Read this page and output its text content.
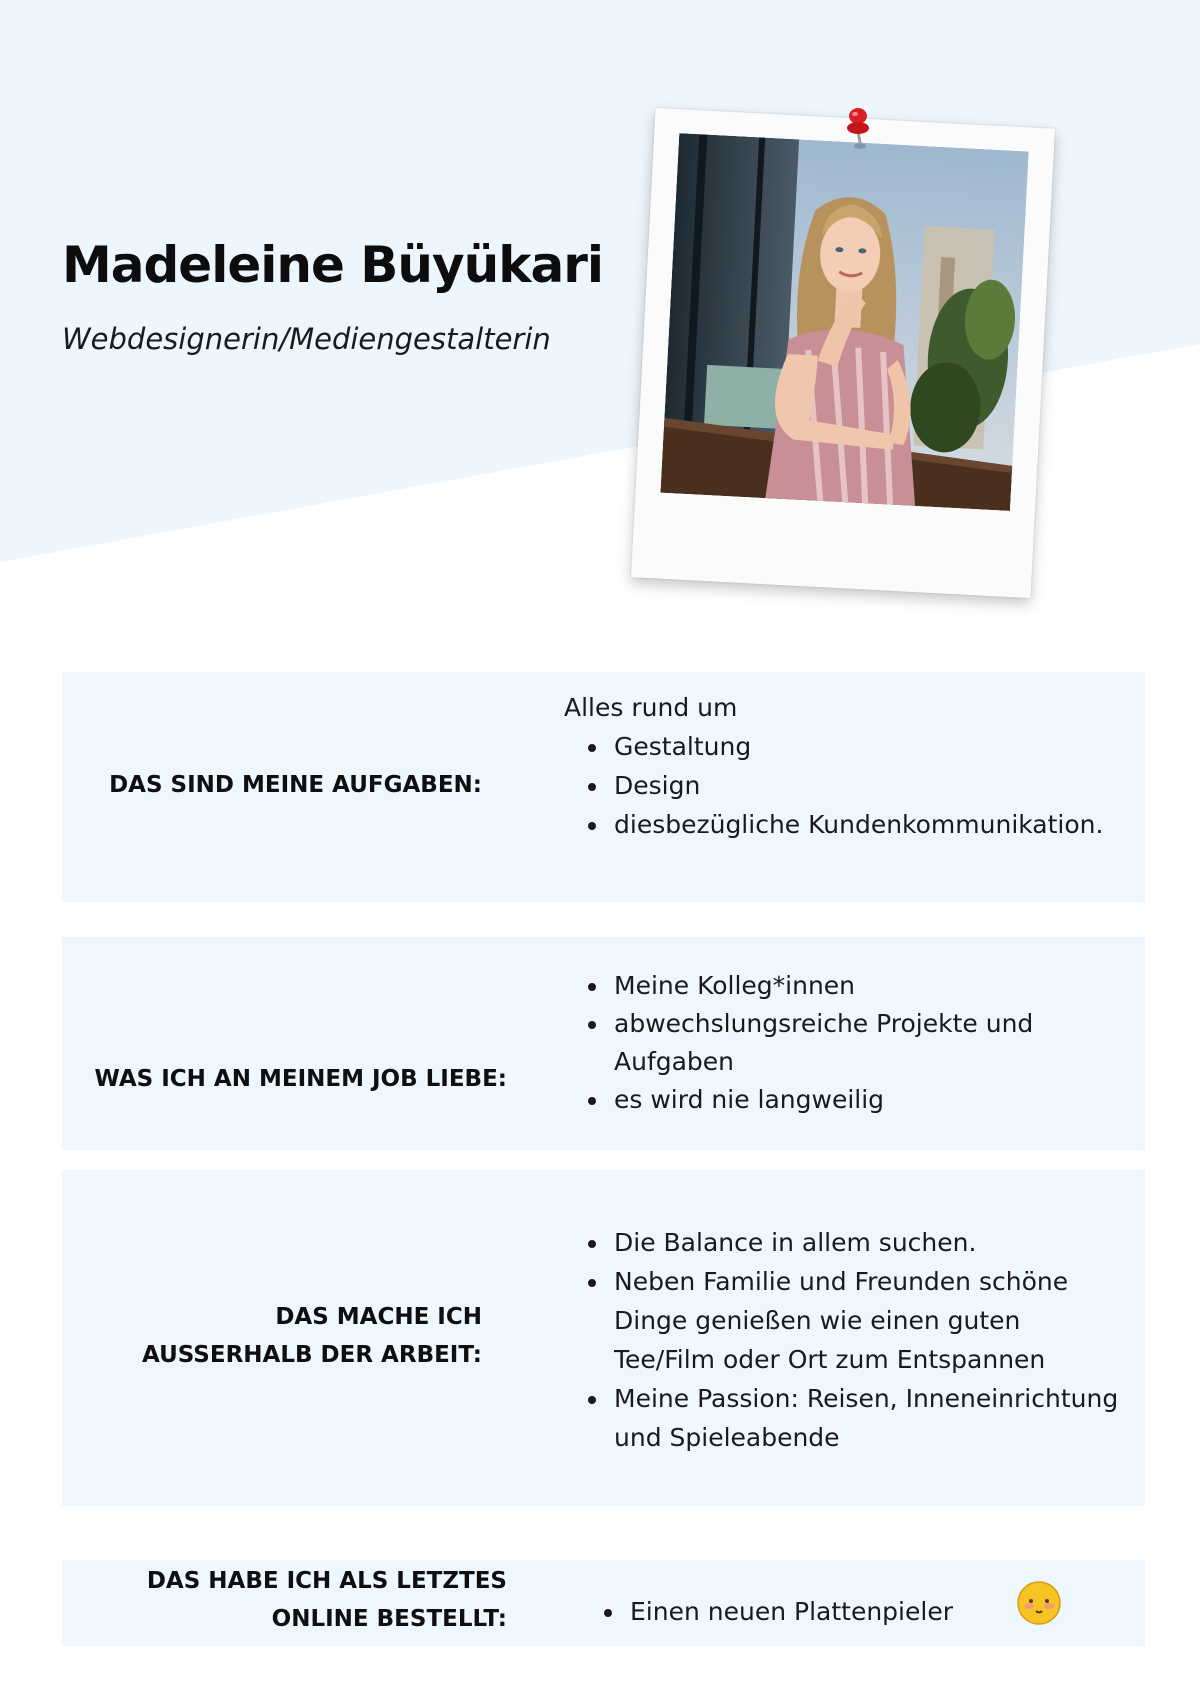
Madeleine Büyükari

Webdesignerin/Mediengestalterin

DAS SIND MEINE AUFGABEN:

Alles rund um

• Gestaltung
• Design
• diesbezügliche Kundenkommunikation.

WAS ICH AN MEINEM JOB LIEBE:

• Meine Kolleg*innen
• abwechslungsreiche Projekte und Aufgaben
• es wird nie langweilig

DAS MACHE ICH
AUSSERHALB DER ARBEIT:

• Die Balance in allem suchen.
• Neben Familie und Freunden schöne Dinge genießen wie einen guten Tee/Film oder Ort zum Entspannen
• Meine Passion: Reisen, Inneneinrichtung und Spieleabende

DAS HABE ICH ALS LETZTES
ONLINE BESTELLT:

•	Einen neuen Plattenpieler
